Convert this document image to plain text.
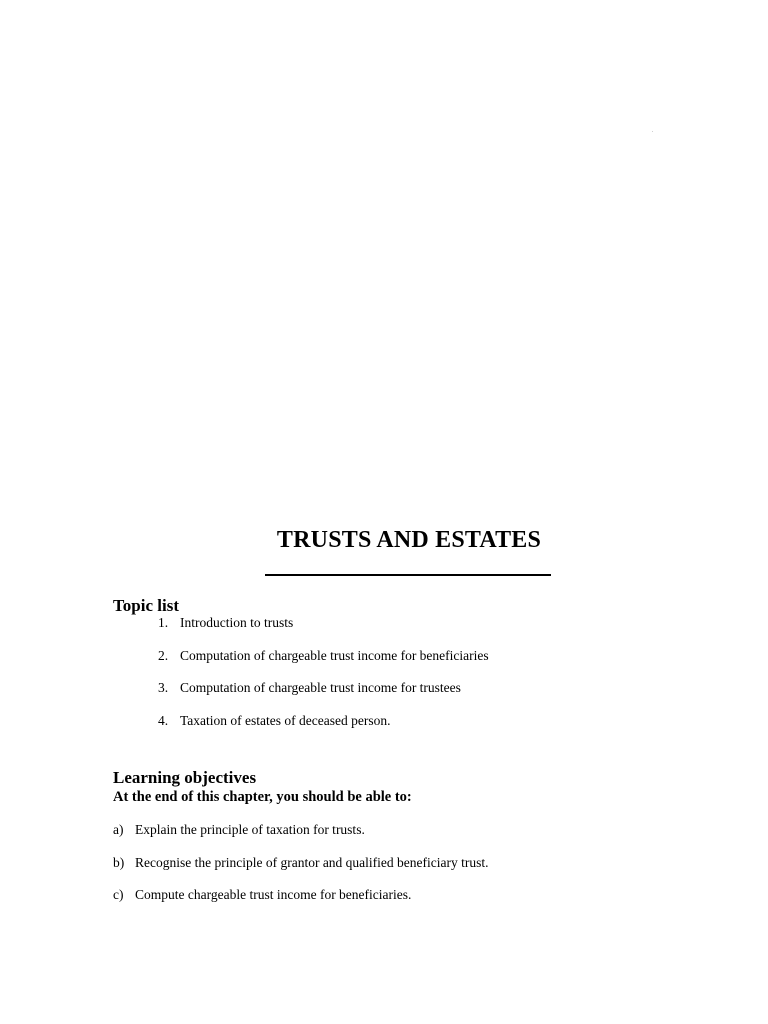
TRUSTS AND ESTATES
Topic list
1. Introduction to trusts
2. Computation of chargeable trust income for beneficiaries
3. Computation of chargeable trust income for trustees
4. Taxation of estates of deceased person.
Learning objectives

At the end of this chapter, you should be able to:

a) Explain the principle of taxation for trusts.
b) Recognise the principle of grantor and qualified beneficiary trust.
c) Compute chargeable trust income for beneficiaries.
